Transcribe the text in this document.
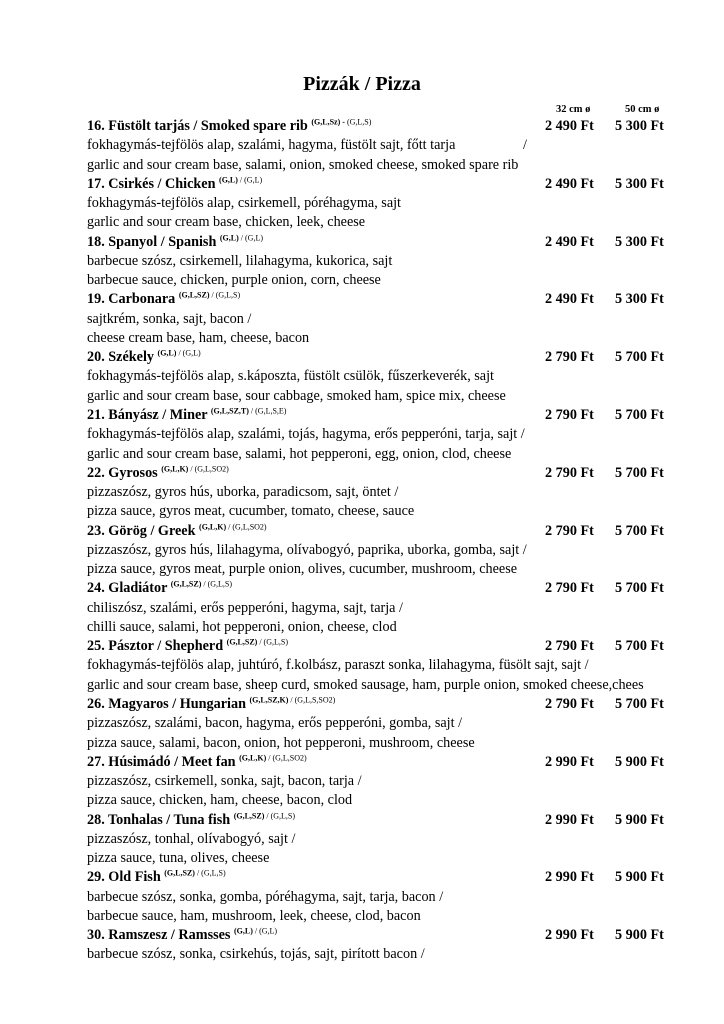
Pizzák / Pizza
32 cm ø	50 cm ø
16. Füstölt tarjás / Smoked spare rib $^{(G,L,Sz) -}$ $^{(G,L,S)}$	2 490 Ft 5 300 Ft
fokhagymás-tejfölös alap, szalámi, hagyma, füstölt sajt, főtt tarja	/
garlic and sour cream base, salami, onion, smoked cheese, smoked spare rib
17. Csirkés / Chicken $^{(G,L)}$ $^{/ (G,L)}$	2 490 Ft 5 300 Ft
fokhagymás-tejfölös alap, csirkemell, póréhagyma, sajt
garlic and sour cream base, chicken, leek, cheese
18. Spanyol / Spanish $^{(G,L)}$ $^{/ (G,L)}$	2 490 Ft 5 300 Ft
barbecue szósz, csirkemell, lilahagyma, kukorica, sajt
barbecue sauce, chicken, purple onion, corn, cheese
19. Carbonara $^{(G,L,SZ)}$ $^{/ (G,L,S)}$	2 490 Ft 5 300 Ft
sajtkrém, sonka, sajt, bacon /
cheese cream base, ham, cheese, bacon
20. Székely $^{(G,L)}$ $^{/ (G,L)}$	2 790 Ft 5 700 Ft
fokhagymás-tejfölös alap, s.káposzta, füstölt csülök, fűszerkeverék, sajt
garlic and sour cream base, sour cabbage, smoked ham, spice mix, cheese
21. Bányász / Miner $^{(G,L,SZ,T)}$ $^{/ (G,L,S,E)}$	2 790 Ft 5 700 Ft
fokhagymás-tejfölös alap, szalámi, tojás, hagyma, erős pepperóni, tarja, sajt /
garlic and sour cream base, salami, hot pepperoni, egg, onion, clod, cheese
22. Gyrosos $^{(G,L,K)}$ $^{/ (G,L,SO2)}$	2 790 Ft 5 700 Ft
pizzaszósz, gyros hús, uborka, paradicsom, sajt, öntet /
pizza sauce, gyros meat, cucumber, tomato, cheese, sauce
23. Görög / Greek $^{(G,L,K)}$ $^{/ (G,L,SO2)}$	2 790 Ft 5 700 Ft
pizzaszósz, gyros hús, lilahagyma, olívabogyó, paprika, uborka, gomba, sajt /
pizza sauce, gyros meat, purple onion, olives, cucumber, mushroom, cheese
24. Gladiátor $^{(G,L,SZ)}$ $^{/ (G,L,S)}$	2 790 Ft 5 700 Ft
chiliszósz, szalámi, erős pepperóni, hagyma, sajt, tarja /
chilli sauce, salami, hot pepperoni, onion, cheese, clod
25. Pásztor / Shepherd $^{(G,L,SZ)}$ $^{/ (G,L,S)}$	2 790 Ft 5 700 Ft
fokhagymás-tejfölös alap, juhtúró, f.kolbász, paraszt sonka, lilahagyma, füsölt sajt, sajt /
garlic and sour cream base, sheep curd, smoked sausage, ham, purple onion, smoked cheese,chees
26. Magyaros / Hungarian $^{(G,L,SZ,K)}$ $^{/ (G,L,S,SO2)}$	2 790 Ft 5 700 Ft
pizzaszósz, szalámi, bacon, hagyma, erős pepperóni, gomba, sajt /
pizza sauce, salami, bacon, onion, hot pepperoni, mushroom, cheese
27. Húsimádó / Meet fan $^{(G,L,K)}$ $^{/ (G,L,SO2)}$	2 990 Ft 5 900 Ft
pizzaszósz, csirkemell, sonka, sajt, bacon, tarja /
pizza sauce, chicken, ham, cheese, bacon, clod
28. Tonhalas / Tuna fish $^{(G,L,SZ)}$ $^{/ (G,L,S)}$	2 990 Ft 5 900 Ft
pizzaszósz, tonhal, olívabogyó, sajt /
pizza sauce, tuna, olives, cheese
29. Old Fish $^{(G,L,SZ)}$ $^{/ (G,L,S)}$	2 990 Ft 5 900 Ft
barbecue szósz, sonka, gomba, póréhagyma, sajt, tarja, bacon /
barbecue sauce, ham, mushroom, leek, cheese, clod, bacon
30. Ramszesz / Ramsses $^{(G,L)}$ $^{/ (G,L)}$	2 990 Ft 5 900 Ft
barbecue szósz, sonka, csirkehús, tojás, sajt, pirított bacon /
